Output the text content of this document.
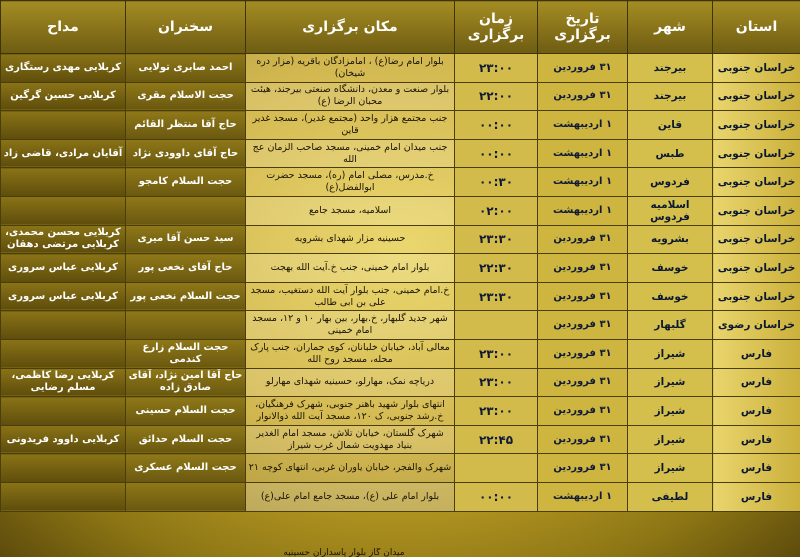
استان	شهر	تاریخ برگزاری	زمان برگزاری	مکان برگزاری	سخنران	مداح
خراسان جنوبی	بیرجند	۳۱ فروردین	۲۳:۰۰	بلوار امام رضا(ع) ، امامزادگان باقریه (مزار دره شیخان)	احمد صابری تولایی	کربلایی مهدی رستگاری
خراسان جنوبی	بیرجند	۳۱ فروردین	۲۲:۰۰	بلوار صنعت و معدن، دانشگاه صنعتی بیرجند، هیئت محبان الرضا (ع)	حجت الاسلام مقری	کربلایی حسین گرگین
خراسان جنوبی	قاین	۱ اردیبهشت	۰۰:۰۰	جنب مجتمع هزار واحد (مجتمع غدیر)، مسجد غدیر قاین	حاج آقا منتظر القائم	
خراسان جنوبی	طبس	۱ اردیبهشت	۰۰:۰۰	جنب میدان امام خمینی، مسجد صاحب الزمان عج الله	حاج آقای داوودی نژاد	آقایان مرادی، قاضی زاد
خراسان جنوبی	فردوس	۱ اردیبهشت	۰۰:۳۰	خ.مدرس، مصلی امام (ره)، مسجد حضرت ابوالفضل(ع)	حجت السلام کامجو	
خراسان جنوبی	اسلامیه فردوس	۱ اردیبهشت	۰۲:۰۰	اسلامیه، مسجد جامع		
خراسان جنوبی	بشرویه	۳۱ فروردین	۲۳:۳۰	حسینیه مزار شهدای بشرویه	سید حسن آقا میری	کربلایی محسن محمدی، کربلایی مرتضی دهقان
خراسان جنوبی	خوسف	۳۱ فروردین	۲۲:۳۰	بلوار امام خمینی، جنب خ.آیت الله بهجت	حاج آقای نخعی پور	کربلایی عباس سروری
خراسان جنوبی	خوسف	۳۱ فروردین	۲۳:۳۰	خ.امام خمینی، جنب بلوار آیت الله دستغیب، مسجد علی بن ابی طالب	حجت السلام نخعی پور	کربلایی عباس سروری
خراسان رضوی	گلبهار	۳۱ فروردین		شهر جدید گلبهار، خ.بهار، بین بهار ۱۰ و ۱۲، مسجد امام خمینی		
فارس	شیراز	۳۱ فروردین	۲۳:۰۰	معالی آباد، خیابان خلبانان، کوی جماران، جنب پارک محله، مسجد روح الله	حجت السلام زارع کندمی	
فارس	شیراز	۳۱ فروردین	۲۳:۰۰	دریاچه نمک، مهارلو، حسینیه شهدای مهارلو	حاج آقا امین نژاد، آقای صادق زاده	کربلایی رضا کاظمی، مسلم رضایی
فارس	شیراز	۳۱ فروردین	۲۳:۰۰	انتهای بلوار شهید باهنر جنوبی، شهرک فرهنگیان، خ.رشد جنوبی، ک ۱۲۰، مسجد آیت الله ذوالانوار	حجت السلام حسینی	
فارس	شیراز	۳۱ فروردین	۲۲:۴۵	شهرک گلستان، خیابان تلاش، مسجد امام الغدیر بنیاد مهدویت شمال غرب شیراز	حجت السلام حدائق	کربلایی داوود فریدونی
فارس	شیراز	۳۱ فروردین		شهرک والفجر، خیابان یاوران غربی، انتهای کوچه ۲۱	حجت السلام عسکری	
فارس	لطیفی	۱ اردیبهشت	۰۰:۰۰	بلوار امام علی (ع)، مسجد جامع امام علی(ع)		
میدان گاز بلوار پاسداران حسینیه
